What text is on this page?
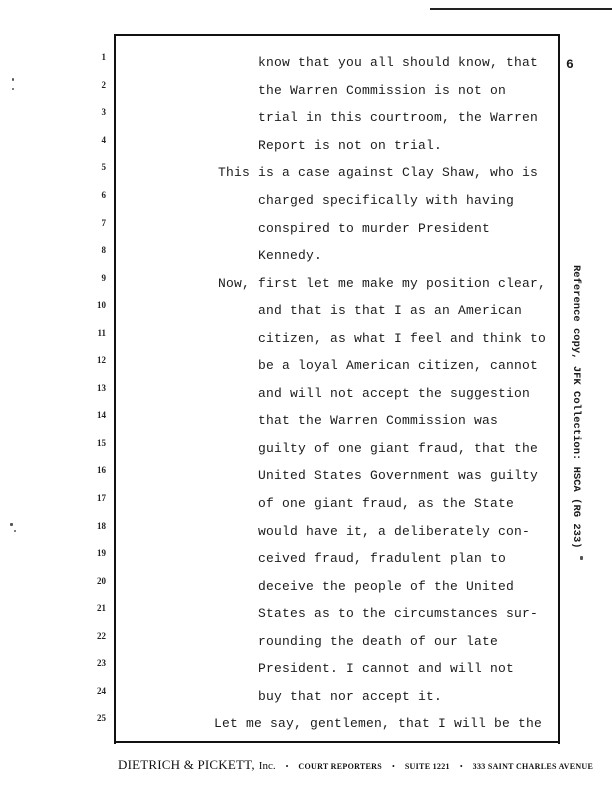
6
1
2
3
4
5
6
7
8
9
10
11
12
13
14
15
16
17
18
19
20
21
22
23
24
25
know that you all should know, that
the Warren Commission is not on
trial in this courtroom, the Warren
Report is not on trial.
This is a case against Clay Shaw, who is
charged specifically with having
conspired to murder President
Kennedy.
Now, first let me make my position clear,
and that is that I as an American
citizen, as what I feel and think to
be a loyal American citizen, cannot
and will not accept the suggestion
that the Warren Commission was
guilty of one giant fraud, that the
United States Government was guilty
of one giant fraud, as the State
would have it, a deliberately con-
ceived fraud, fradulent plan to
deceive the people of the United
States as to the circumstances sur-
rounding the death of our late
President. I cannot and will not
buy that nor accept it.
Let me say, gentlemen, that I will be the
DIETRICH & PICKETT, Inc. • COURT REPORTERS • SUITE 1221 • 333 SAINT CHARLES AVENUE
Reference copy, JFK Collection: HSCA (RG 233)
